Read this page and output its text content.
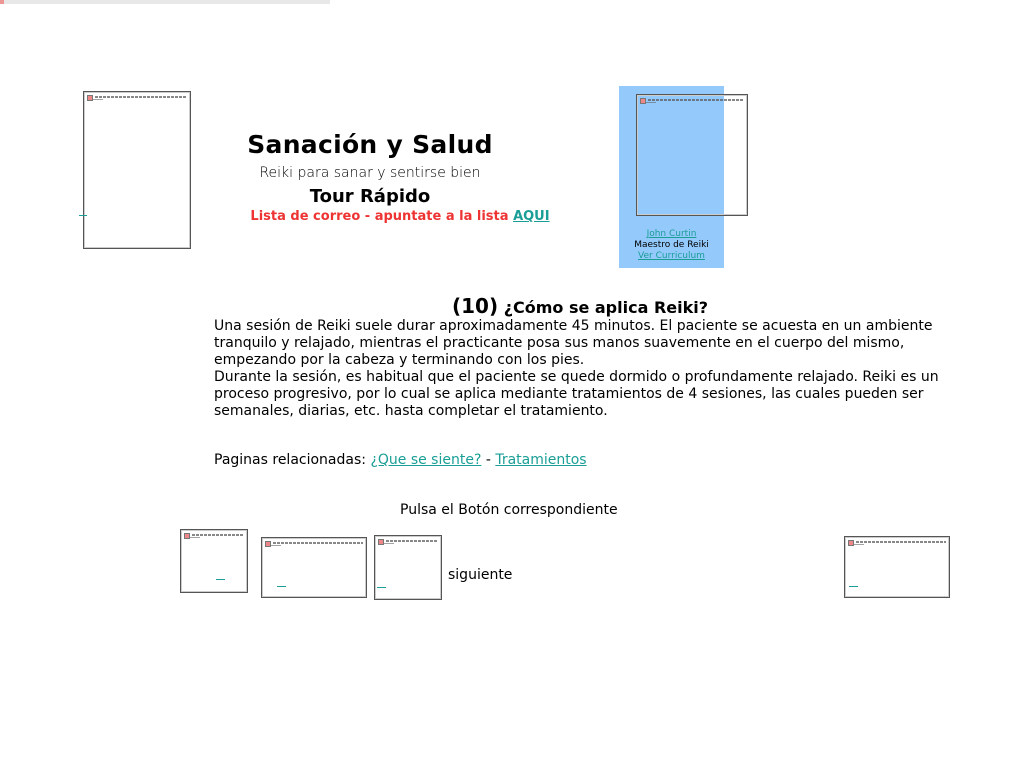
Sanación y Salud
Reiki para sanar y sentirse bien
Tour Rápido
Lista de correo - apuntate a la lista AQUI
John Curtin
Maestro de Reiki
Ver Curriculum
(10) ¿Cómo se aplica Reiki?
Una sesión de Reiki suele durar aproximadamente 45 minutos. El paciente se acuesta en un ambiente tranquilo y relajado, mientras el practicante posa sus manos suavemente en el cuerpo del mismo, empezando por la cabeza y terminando con los pies.
Durante la sesión, es habitual que el paciente se quede dormido o profundamente relajado. Reiki es un proceso progresivo, por lo cual se aplica mediante tratamientos de 4 sesiones, las cuales pueden ser semanales, diarias, etc. hasta completar el tratamiento.
Paginas relacionadas: ¿Que se siente? - Tratamientos
Pulsa el Botón correspondiente
siguiente
